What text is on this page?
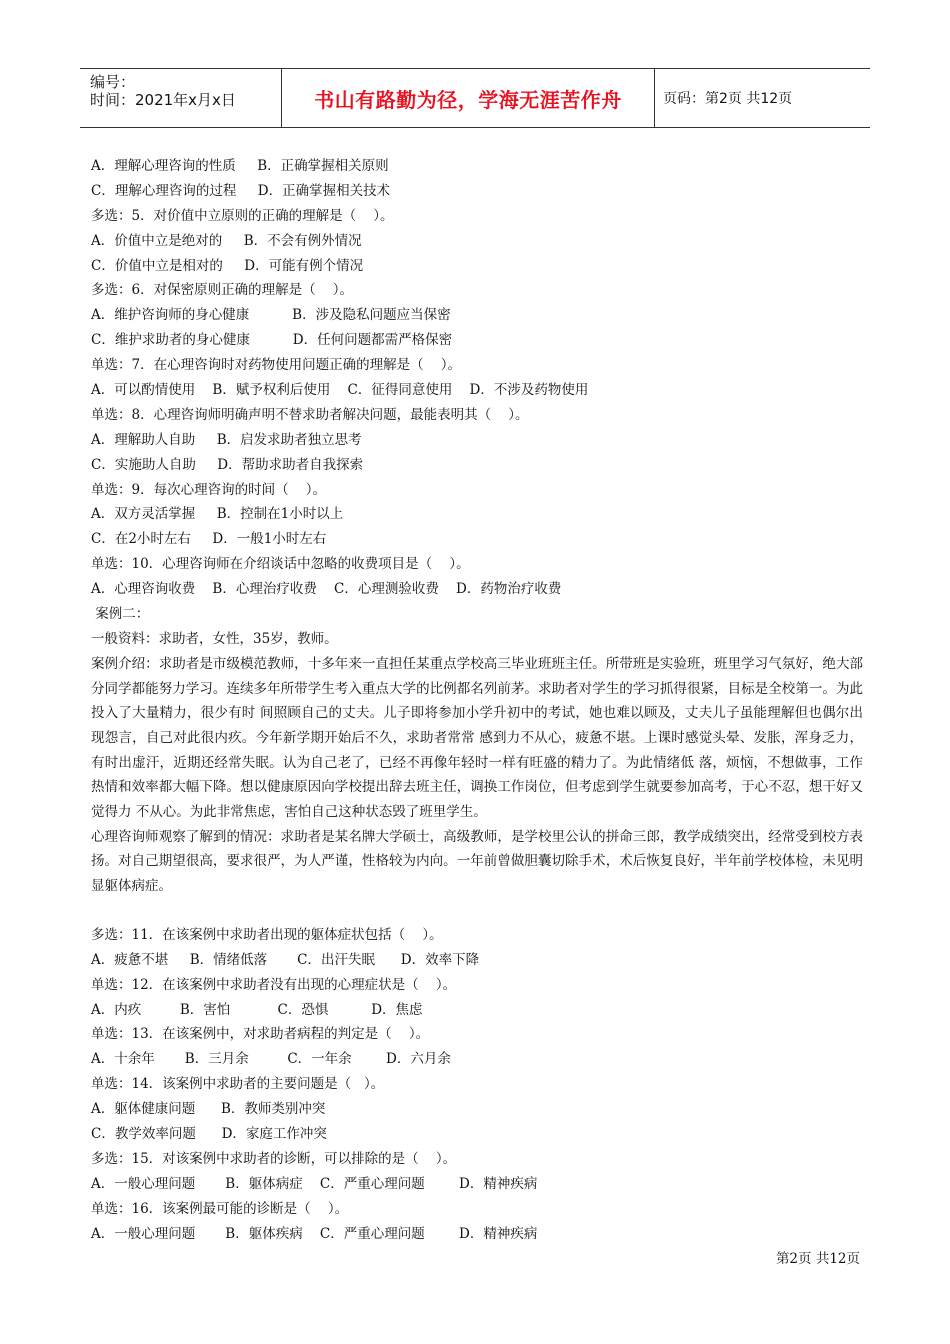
编号：
时间：2021年x月x日	书山有路勤为径，学海无涯苦作舟	页码：第2页 共12页
A．理解心理咨询的性质     B．正确掌握相关原则
C．理解心理咨询的过程     D．正确掌握相关技术
多选：5．对价值中立原则的正确的理解是（    ）。
A．价值中立是绝对的     B．不会有例外情况
C．价值中立是相对的     D．可能有例个情况
多选：6．对保密原则正确的理解是（    ）。
A．维护咨询师的身心健康          B．涉及隐私问题应当保密
C．维护求助者的身心健康          D．任何问题都需严格保密
单选：7．在心理咨询时对药物使用问题正确的理解是（    ）。
A．可以酌情使用    B．赋予权利后使用    C．征得同意使用    D．不涉及药物使用
单选：8．心理咨询师明确声明不替求助者解决问题，最能表明其（    ）。
A．理解助人自助     B．启发求助者独立思考
C．实施助人自助     D．帮助求助者自我探索
单选：9．每次心理咨询的时间（    ）。
A．双方灵活掌握     B．控制在1小时以上
C．在2小时左右     D．一般1小时左右
单选：10．心理咨询师在介绍谈话中忽略的收费项目是（    ）。
A．心理咨询收费    B．心理治疗收费    C．心理测验收费    D．药物治疗收费
案例二：
一般资料：求助者，女性，35岁，教师。
案例介绍：求助者是市级模范教师，十多年来一直担任某重点学校高三毕业班班主任。所带班是实验班，班里学习气氛好，绝大部分同学都能努力学习。连续多年所带学生考入重点大学的比例都名列前茅。求助者对学生的学习抓得很紧，目标是全校第一。为此投入了大量精力，很少有时 间照顾自己的丈夫。儿子即将参加小学升初中的考试，她也难以顾及，丈夫儿子虽能理解但也偶尔出现怨言，自己对此很内疚。今年新学期开始后不久，求助者常常 感到力不从心，疲惫不堪。上课时感觉头晕、发胀，浑身乏力，有时出虚汗，近期还经常失眠。认为自己老了，已经不再像年轻时一样有旺盛的精力了。为此情绪低 落，烦恼，不想做事，工作热情和效率都大幅下降。想以健康原因向学校提出辞去班主任，调换工作岗位，但考虑到学生就要参加高考，于心不忍，想干好又觉得力 不从心。为此非常焦虑，害怕自己这种状态毁了班里学生。
心理咨询师观察了解到的情况：求助者是某名牌大学硕士，高级教师，是学校里公认的拼命三郎，教学成绩突出，经常受到校方表扬。对自己期望很高，要求很严，为人严谨，性格较为内向。一年前曾做胆囊切除手术，术后恢复良好，半年前学校体检，未见明显躯体病症。
多选：11．在该案例中求助者出现的躯体症状包括（    ）。
A．疲惫不堪     B．情绪低落       C．出汗失眠      D．效率下降
单选：12．在该案例中求助者没有出现的心理症状是（    ）。
A．内疚         B．害怕           C．恐惧          D．焦虑
单选：13．在该案例中，对求助者病程的判定是（    ）。
A．十余年       B．三月余         C．一年余        D．六月余
单选：14．该案例中求助者的主要问题是（   ）。
A．躯体健康问题      B．教师类别冲突
C．教学效率问题      D．家庭工作冲突
多选：15．对该案例中求助者的诊断，可以排除的是（    ）。
A．一般心理问题       B．躯体病症    C．严重心理问题        D．精神疾病
单选：16．该案例最可能的诊断是（    ）。
A．一般心理问题       B．躯体疾病    C．严重心理问题        D．精神疾病
第2页 共12页
